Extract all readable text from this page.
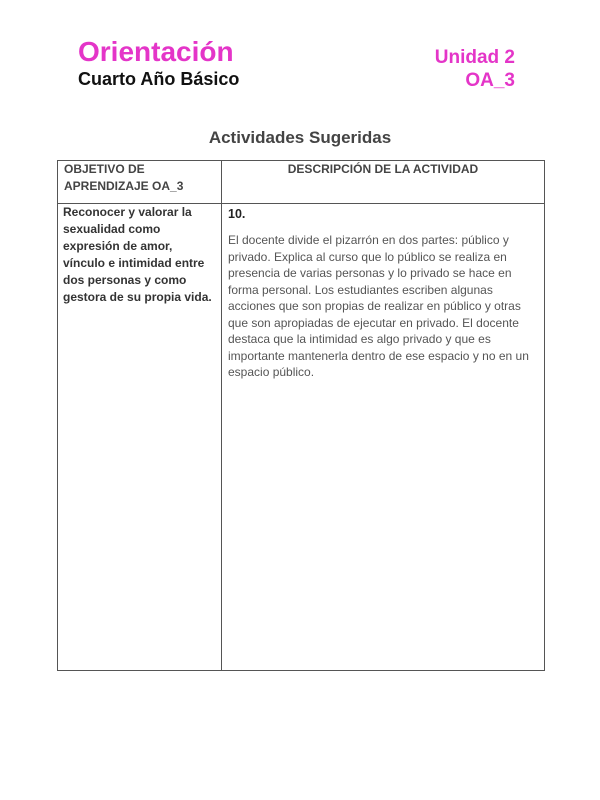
Orientación

Cuarto Año Básico

Unidad 2

OA_3

Actividades Sugeridas

OBJETIVO DE APRENDIZAJE OA_3	DESCRIPCIÓN DE LA ACTIVIDAD

Reconocer y valorar la sexualidad como expresión de amor, vínculo e intimidad entre dos personas y como gestora de su propia vida.	10.
El docente divide el pizarrón en dos partes: público y privado. Explica al curso que lo público se realiza en presencia de varias personas y lo privado se hace en forma personal. Los estudiantes escriben algunas acciones que son propias de realizar en público y otras que son apropiadas de ejecutar en privado. El docente destaca que la intimidad es algo privado y que es importante mantenerla dentro de ese espacio y no en un espacio público.
